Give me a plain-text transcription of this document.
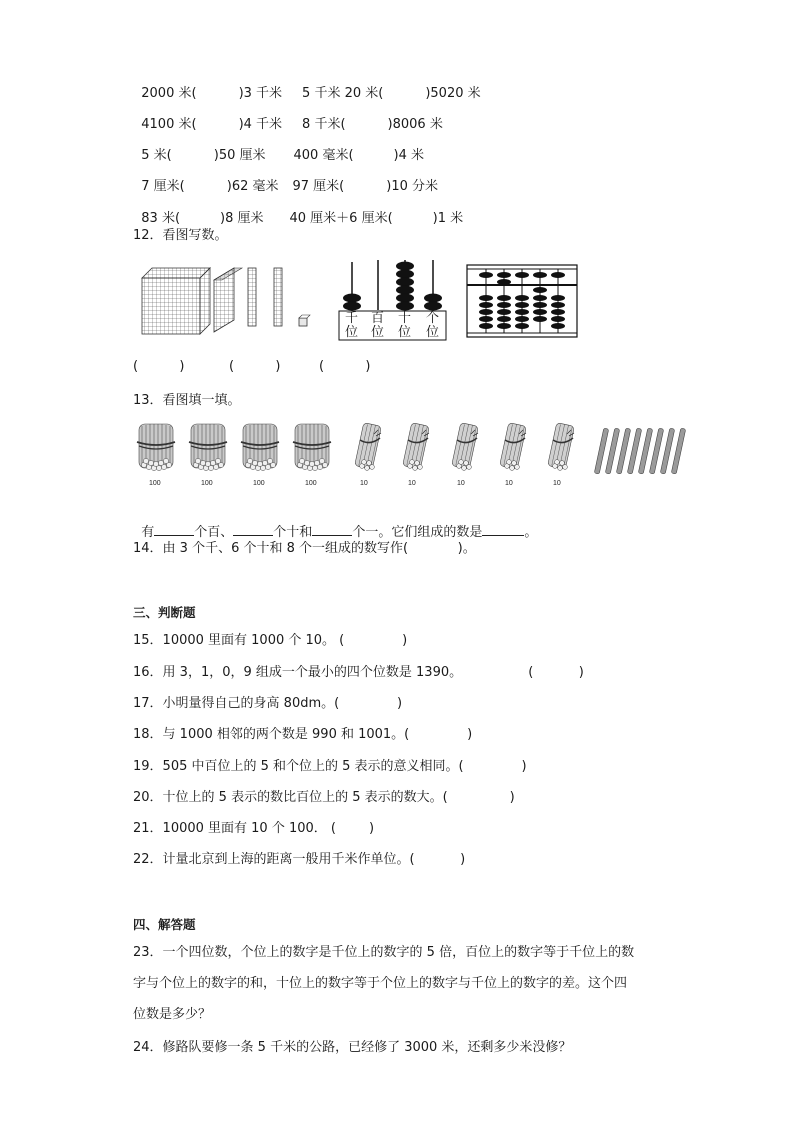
2000 米(	)3 千米 5 千米 20 米(	)5020 米

4100 米(	)4 千米 8 千米(	)8006 米

5 米(	)50 厘米 400 毫米(	)4 米

7 厘米(	)62 毫米 97 厘米(	)10 分米

83 米(	)8 厘米 40 厘米＋6 厘米(	)1 米

12．看图写数。
千 百 十 个
位 位 位 位
(          )	(          )	(          )
13．看图填一填。
100	100	100	100	10	10	10	10	10

有	个百、	个十和	个一。它们组成的数是	。

14．由 3 个千、6 个十和 8 个一组成的数写作(            )。
三、判断题
15．10000 里面有 1000 个 10。 (              )
16．用 3，1，0，9 组成一个最小的四个位数是 1390。                (           )
17．小明量得自己的身高 80dm。(              )
18．与 1000 相邻的两个数是 990 和 1001。(              )
19．505 中百位上的 5 和个位上的 5 表示的意义相同。(              )
20．十位上的 5 表示的数比百位上的 5 表示的数大。(               )
21．10000 里面有 10 个 100． (        )
22．计量北京到上海的距离一般用千米作单位。(           )
四、解答题
23．一个四位数，个位上的数字是千位上的数字的 5 倍，百位上的数字等于千位上的数
字与个位上的数字的和，十位上的数字等于个位上的数字与千位上的数字的差。这个四
位数是多少？
24．修路队要修一条 5 千米的公路，已经修了 3000 米，还剩多少米没修？
